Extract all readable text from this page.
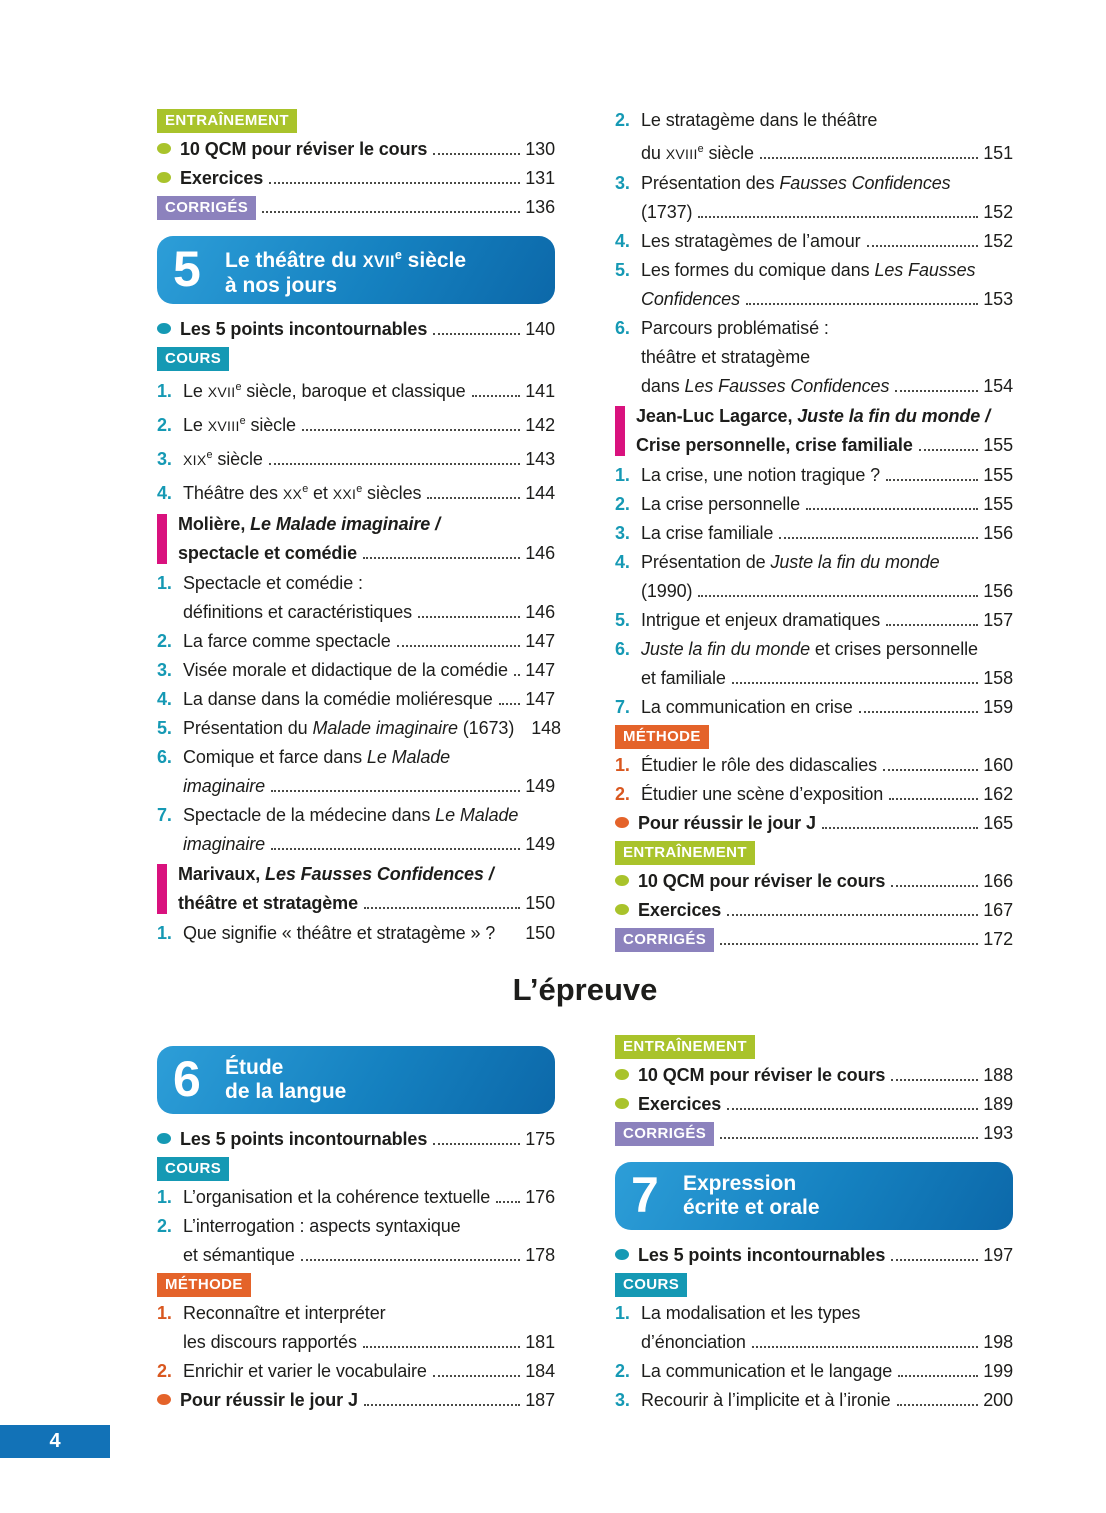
ENTRAÎNEMENT
10 QCM pour réviser le cours	130
Exercices	131
CORRIGÉS	136
5	Le théâtre du XVIIe siècle
à nos jours
Les 5 points incontournables	140
COURS
1. Le XVIIe siècle, baroque et classique	141
2. Le XVIIIe siècle	142
3. XIXe siècle	143
4. Théâtre des XXe et XXIe siècles	144
Molière, Le Malade imaginaire /
spectacle et comédie	146
1. Spectacle et comédie :
définitions et caractéristiques	146
2. La farce comme spectacle	147
3. Visée morale et didactique de la comédie 147
4. La danse dans la comédie moliéresque 147
5. Présentation du Malade imaginaire (1673) 148
6. Comique et farce dans Le Malade
imaginaire	149
7. Spectacle de la médecine dans Le Malade
imaginaire	149
Marivaux, Les Fausses Confidences /
théâtre et stratagème	150
1. Que signifie « théâtre et stratagème » ? 150
2. Le stratagème dans le théâtre
du XVIIIe siècle	151
3. Présentation des Fausses Confidences
(1737)	152
4. Les stratagèmes de l’amour	152
5. Les formes du comique dans Les Fausses
Confidences	153
6. Parcours problématisé :
théâtre et stratagème
dans Les Fausses Confidences	154
Jean-Luc Lagarce, Juste la fin du monde /
Crise personnelle, crise familiale	155
1. La crise, une notion tragique ?	155
2. La crise personnelle	155
3. La crise familiale	156
4. Présentation de Juste la fin du monde
(1990)	156
5. Intrigue et enjeux dramatiques	157
6. Juste la fin du monde et crises personnelle
et familiale	158
7. La communication en crise	159
MÉTHODE
1. Étudier le rôle des didascalies	160
2. Étudier une scène d’exposition	162
Pour réussir le jour J	165
ENTRAÎNEMENT
10 QCM pour réviser le cours	166
Exercices	167
CORRIGÉS	172
L’épreuve
6	Étude
de la langue
Les 5 points incontournables	175
COURS
1. L’organisation et la cohérence textuelle 176
2. L’interrogation : aspects syntaxique
et sémantique	178
MÉTHODE
1. Reconnaître et interpréter
les discours rapportés	181
2. Enrichir et varier le vocabulaire	184
Pour réussir le jour J	187
ENTRAÎNEMENT
10 QCM pour réviser le cours	188
Exercices	189
CORRIGÉS	193
7	Expression
écrite et orale
Les 5 points incontournables	197
COURS
1. La modalisation et les types
d’énonciation	198
2. La communication et le langage	199
3. Recourir à l’implicite et à l’ironie	200
4
